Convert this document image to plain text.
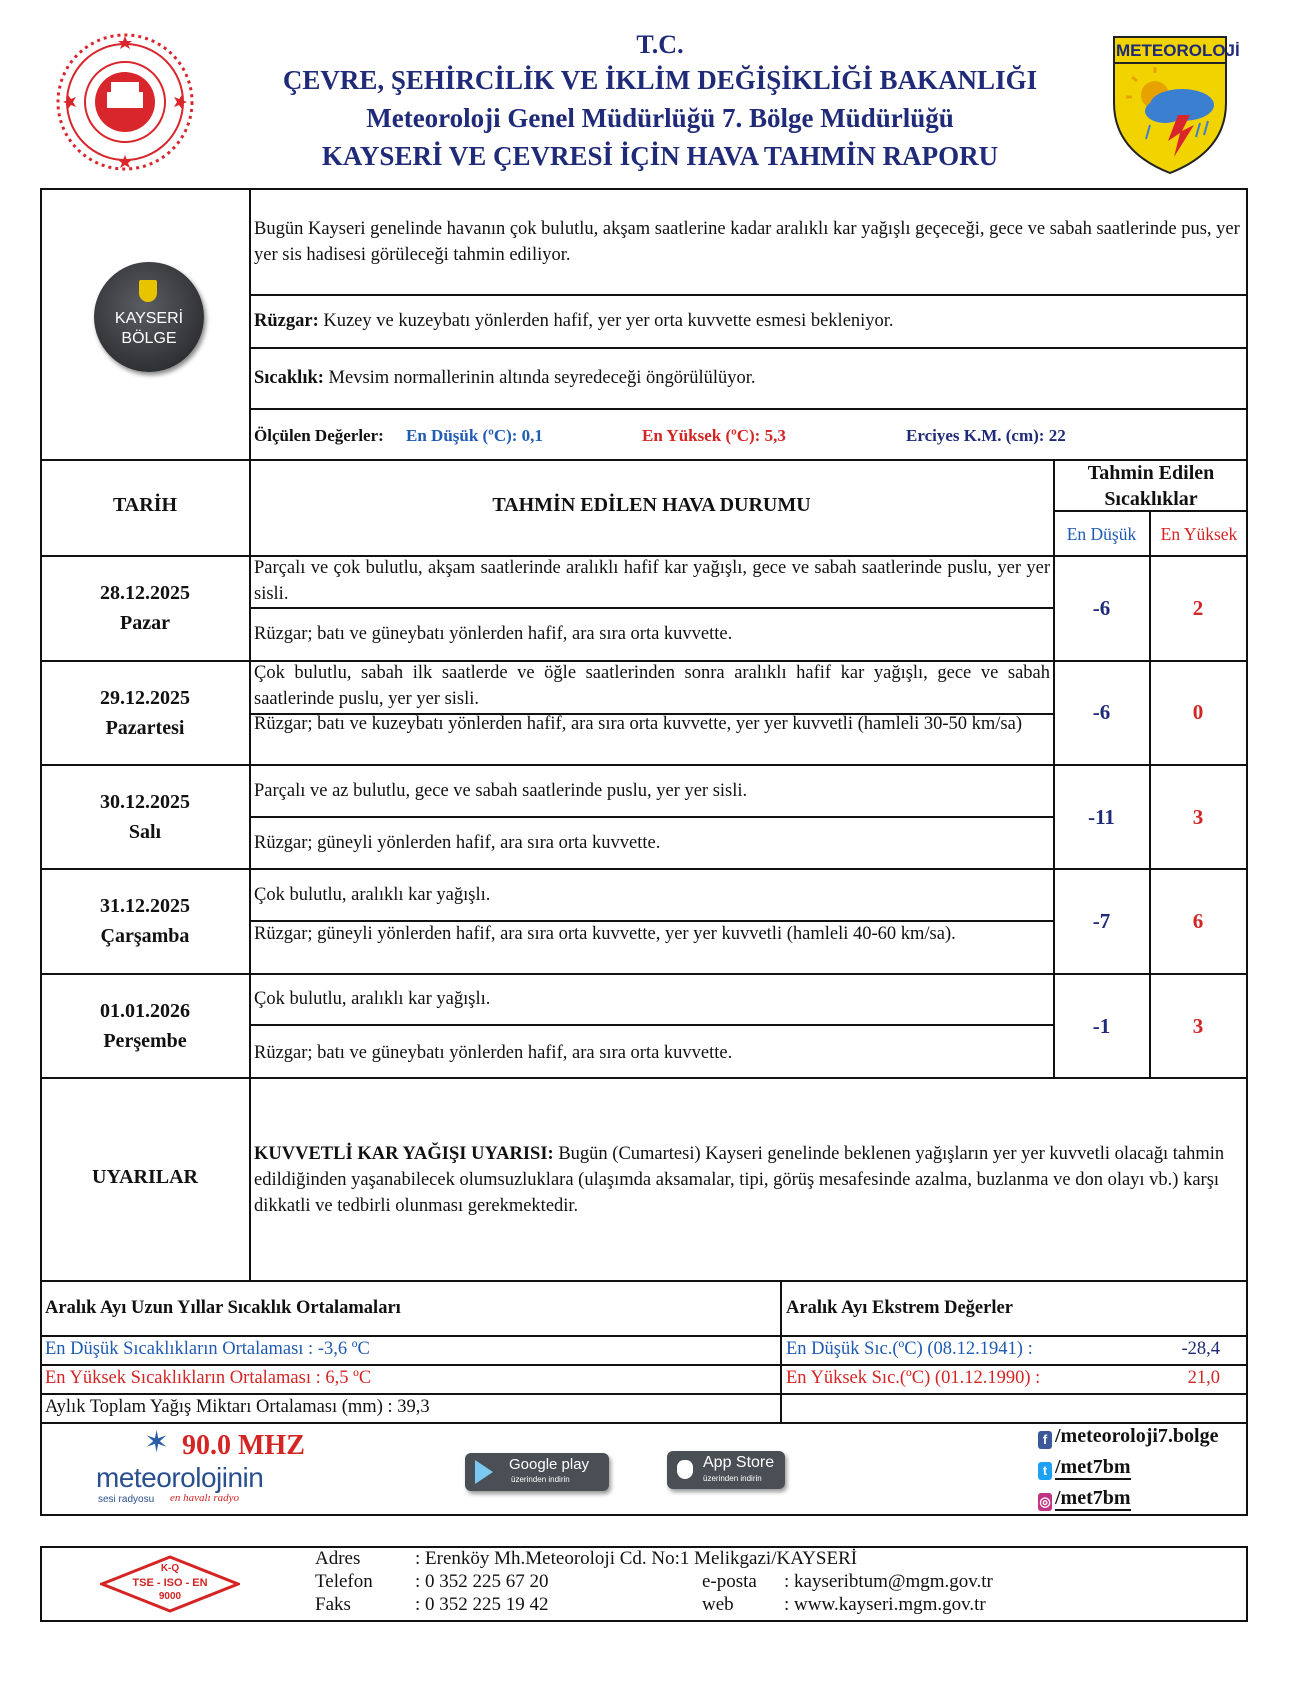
T.C.
ÇEVRE, ŞEHİRCİLİK VE İKLİM DEĞİŞİKLİĞİ BAKANLIĞI
Meteoroloji Genel Müdürlüğü 7. Bölge Müdürlüğü
KAYSERİ VE ÇEVRESİ İÇİN HAVA TAHMİN RAPORU
METEOROLOJİ
KAYSERİ
BÖLGE
Bugün Kayseri genelinde havanın çok bulutlu, akşam saatlerine kadar aralıklı kar yağışlı geçeceği, gece ve sabah saatlerinde pus, yer yer sis hadisesi görüleceği tahmin ediliyor.
Rüzgar: Kuzey ve kuzeybatı yönlerden hafif, yer yer orta kuvvette esmesi bekleniyor.
Sıcaklık: Mevsim normallerinin altında seyredeceği öngörülülüyor.
Ölçülen Değerler: En Düşük (ºC): 0,1	En Yüksek (ºC): 5,3	Erciyes K.M. (cm): 22
TARİH	TAHMİN EDİLEN HAVA DURUMU
Tahmin Edilen Sıcaklıklar
En Düşük	En Yüksek
28.12.2025
Pazar
Parçalı ve çok bulutlu, akşam saatlerinde aralıklı hafif kar yağışlı, gece ve sabah saatlerinde puslu, yer yer sisli.
Rüzgar; batı ve güneybatı yönlerden hafif, ara sıra orta kuvvette.
-6	2
29.12.2025
Pazartesi
Çok bulutlu, sabah ilk saatlerde ve öğle saatlerinden sonra aralıklı hafif kar yağışlı, gece ve sabah saatlerinde puslu, yer yer sisli.
Rüzgar; batı ve kuzeybatı yönlerden hafif, ara sıra orta kuvvette, yer yer kuvvetli (hamleli 30-50 km/sa)	-6	0
30.12.2025
Salı
Parçalı ve az bulutlu, gece ve sabah saatlerinde puslu, yer yer sisli.
Rüzgar; güneyli yönlerden hafif, ara sıra orta kuvvette.
-11	3
31.12.2025
Çarşamba
Çok bulutlu, aralıklı kar yağışlı.
Rüzgar; güneyli yönlerden hafif, ara sıra orta kuvvette, yer yer kuvvetli (hamleli 40-60 km/sa).
-7	6
01.01.2026
Perşembe
Çok bulutlu, aralıklı kar yağışlı.
Rüzgar; batı ve güneybatı yönlerden hafif, ara sıra orta kuvvette.
-1	3
UYARILAR
KUVVETLİ KAR YAĞIŞI UYARISI: Bugün (Cumartesi) Kayseri genelinde beklenen yağışların yer yer kuvvetli olacağı tahmin edildiğinden yaşanabilecek olumsuzluklara (ulaşımda aksamalar, tipi, görüş mesafesinde azalma, buzlanma ve don olayı vb.) karşı dikkatli ve tedbirli olunması gerekmektedir.
Aralık Ayı Uzun Yıllar Sıcaklık Ortalamaları	Aralık Ayı Ekstrem Değerler
En Düşük Sıcaklıkların Ortalaması : -3,6 ºC	En Düşük Sıc.(ºC) (08.12.1941) :	-28,4
En Yüksek Sıcaklıkların Ortalaması : 6,5 ºC	En Yüksek Sıc.(ºC) (01.12.1990) :	21,0
Aylık Toplam Yağış Miktarı Ortalaması (mm) : 39,3
✶ 90.0 MHZ
meteorolojinin
sesi radyosu en havalı radyo
Google play
üzerinden indirin
App Store
üzerinden indirin
f /meteoroloji7.bolge
t /met7bm
◎ /met7bm
K-Q
TSE - ISO - EN
9000
Adres	: Erenköy Mh.Meteoroloji Cd. No:1 Melikgazi/KAYSERİ
Telefon : 0 352 225 67 20
Faks	: 0 352 225 19 42
e-posta : kayseribtum@mgm.gov.tr
web	: www.kayseri.mgm.gov.tr
